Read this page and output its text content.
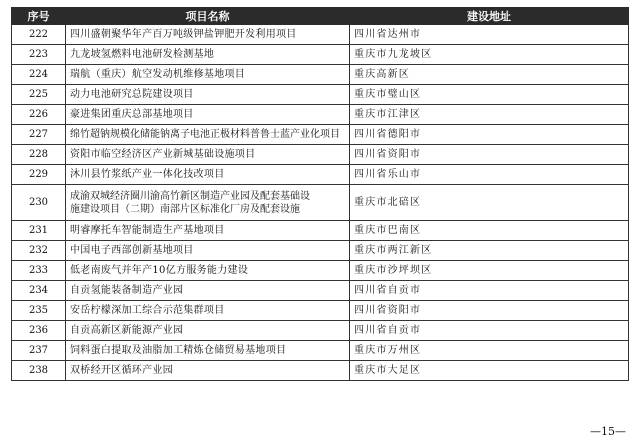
序号	项目名称	建设地址
222	四川盛朝聚华年产百万吨级钾盐钾肥开发利用项目	四川省达州市
223	九龙坡氢燃料电池研发检测基地	重庆市九龙坡区
224	瑞航（重庆）航空发动机维修基地项目	重庆高新区
225	动力电池研究总院建设项目	重庆市璧山区
226	豪进集团重庆总部基地项目	重庆市江津区
227	绵竹超钠规模化储能钠离子电池正极材料普鲁士蓝产业化项目	四川省德阳市
228	资阳市临空经济区产业新城基础设施项目	四川省资阳市
229	沐川县竹浆纸产业一体化技改项目	四川省乐山市
230	成渝双城经济圈川渝高竹新区制造产业园及配套基础设
施建设项目（二期）南部片区标准化厂房及配套设施	重庆市北碚区
231	明睿摩托车智能制造生产基地项目	重庆市巴南区
232	中国电子西部创新基地项目	重庆市两江新区
233	低老南废气并年产10亿方服务能力建设	重庆市沙坪坝区
234	自贡氢能装备制造产业园	四川省自贡市
235	安岳柠檬深加工综合示范集群项目	四川省资阳市
236	自贡高新区新能源产业园	四川省自贡市
237	饲料蛋白提取及油脂加工精炼仓储贸易基地项目	重庆市万州区
238	双桥经开区循环产业园	重庆市大足区
—15—
